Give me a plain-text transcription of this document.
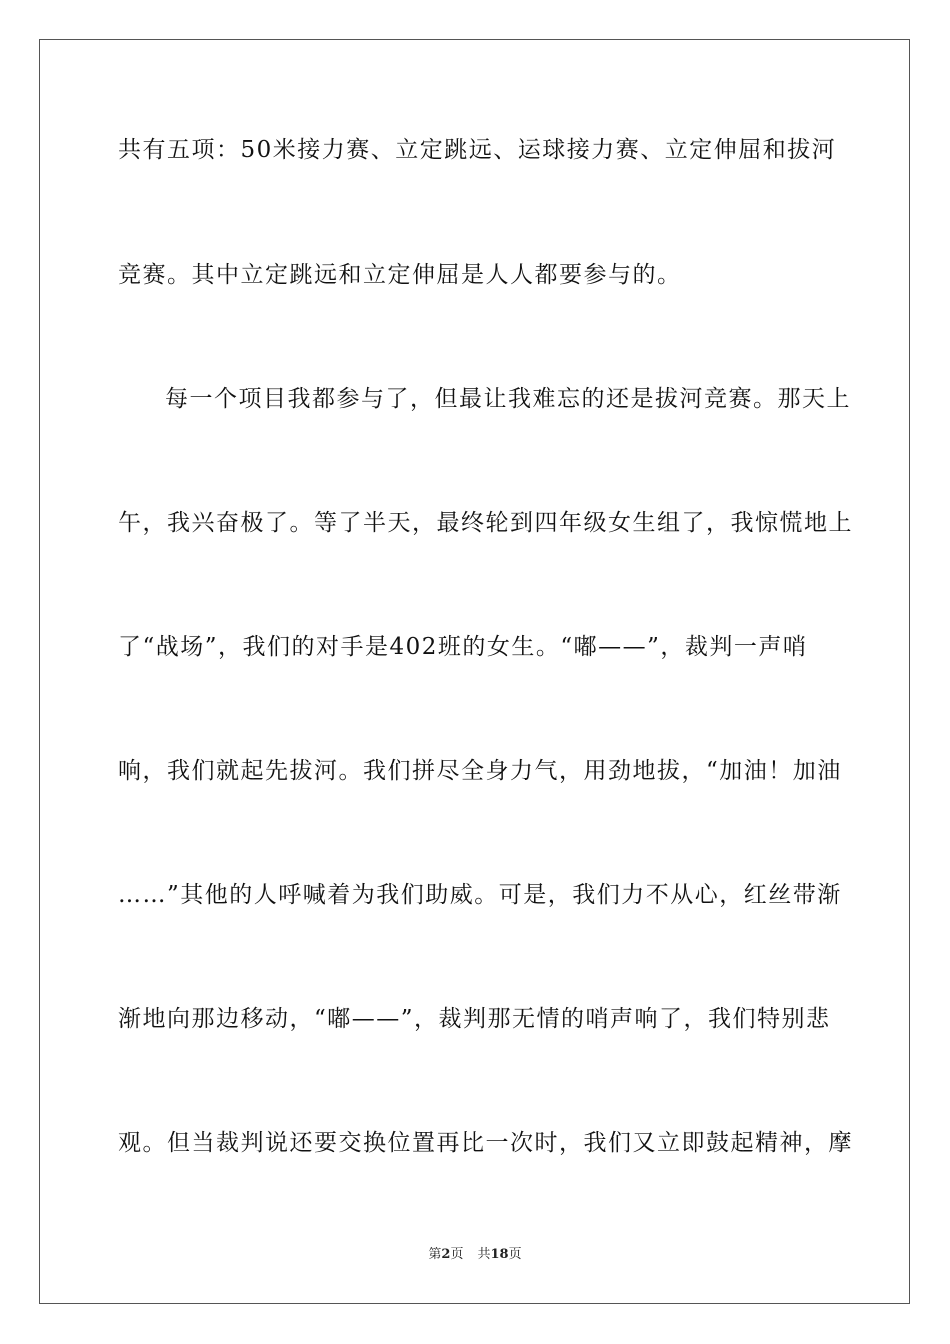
共有五项：50米接力赛、立定跳远、运球接力赛、立定伸屈和拔河

竞赛。其中立定跳远和立定伸屈是人人都要参与的。

每一个项目我都参与了，但最让我难忘的还是拔河竞赛。那天上

午，我兴奋极了。等了半天，最终轮到四年级女生组了，我惊慌地上

了“战场”，我们的对手是402班的女生。“嘟——”，裁判一声哨

响，我们就起先拔河。我们拼尽全身力气，用劲地拔，“加油！加油

……”其他的人呼喊着为我们助威。可是，我们力不从心，红丝带渐

渐地向那边移动，“嘟——”，裁判那无情的哨声响了，我们特别悲

观。但当裁判说还要交换位置再比一次时，我们又立即鼓起精神，摩

第2页 共18页
